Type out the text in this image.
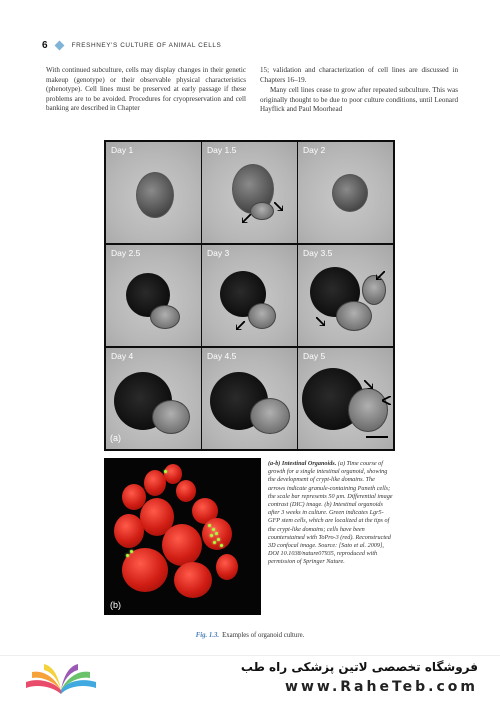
6	FRESHNEY'S CULTURE OF ANIMAL CELLS

With continued subculture, cells may display changes in their genetic makeup (genotype) or their observable physical characteristics (phenotype). Cell lines must be preserved at early passage if these problems are to be avoided. Procedures for cryopreservation and cell banking are described in Chapter

15; validation and characterization of cell lines are discussed in Chapters 16–19.

Many cell lines cease to grow after repeated subculture. This was originally thought to be due to poor culture conditions, until Leonard Hayflick and Paul Moorhead

Day 1	Day 1.5	Day 2
Day 2.5	Day 3	Day 3.5
Day 4	Day 4.5	Day 5
(a)
(b)
(a-b) Intestinal Organoids. (a) Time course of growth for a single intestinal organoid, showing the development of crypt-like domains. The arrows indicate granule-containing Paneth cells; the scale bar represents 50 µm. Differential image contrast (DIC) image. (b) Intestinal organoids after 3 weeks in culture. Green indicates Lgr5-GFP stem cells, which are localized at the tips of the crypt-like domains; cells have been counterstained with ToPro-3 (red). Reconstructed 3D confocal image. Source: [Sato et al. 2009], DOI 10.1038/nature07935, reproduced with permission of Springer Nature.
Fig. 1.3. Examples of organoid culture.
فروشگاه تخصصی لاتین پزشکی راه طب
www.RaheTeb.com
